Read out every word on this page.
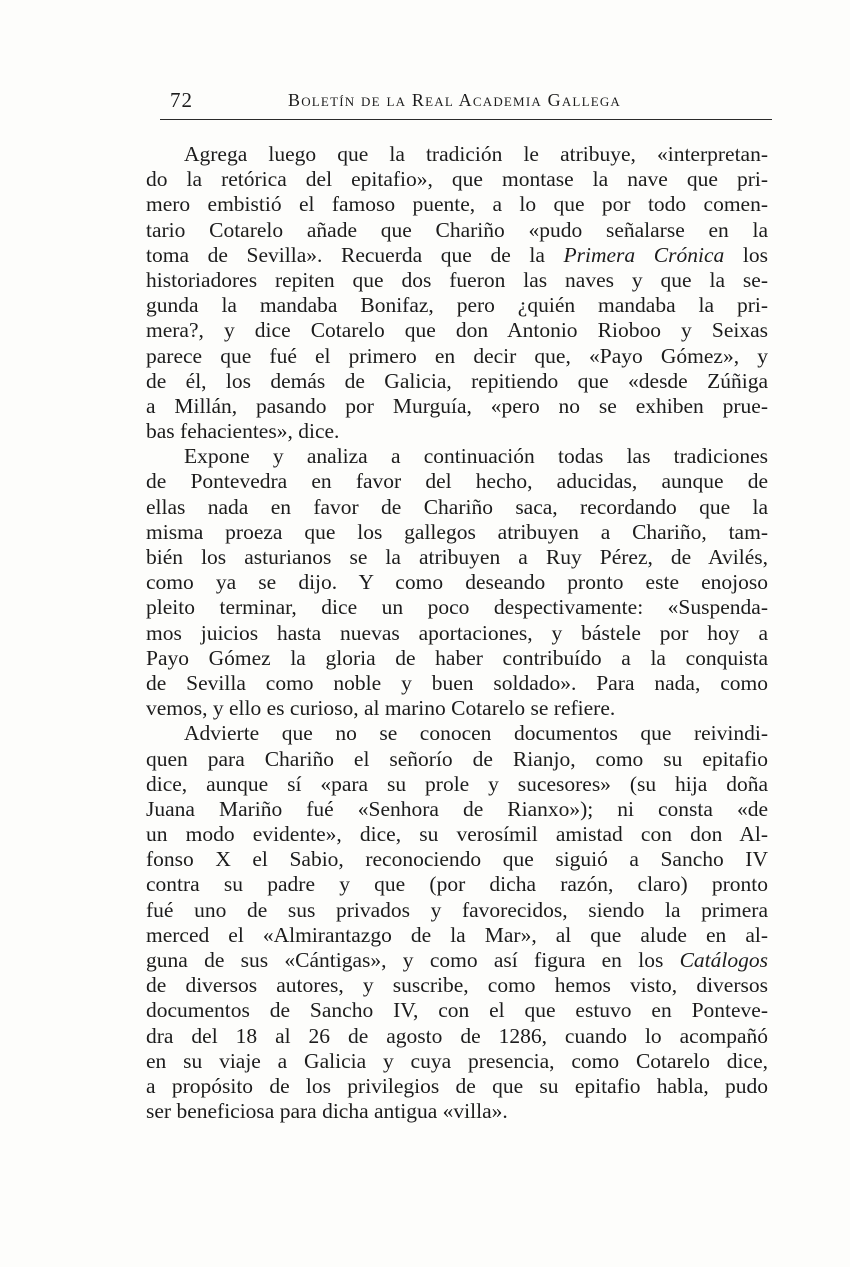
72	Boletín de la Real Academia Gallega
Agrega luego que la tradición le atribuye, «interpretan-
do la retórica del epitafio», que montase la nave que pri-
mero embistió el famoso puente, a lo que por todo comen-
tario Cotarelo añade que Chariño «pudo señalarse en la
toma de Sevilla». Recuerda que de la Primera Crónica los
historiadores repiten que dos fueron las naves y que la se-
gunda la mandaba Bonifaz, pero ¿quién mandaba la pri-
mera?, y dice Cotarelo que don Antonio Rioboo y Seixas
parece que fué el primero en decir que, «Payo Gómez», y
de él, los demás de Galicia, repitiendo que «desde Zúñiga
a Millán, pasando por Murguía, «pero no se exhiben prue-
bas fehacientes», dice.
Expone y analiza a continuación todas las tradiciones
de Pontevedra en favor del hecho, aducidas, aunque de
ellas nada en favor de Chariño saca, recordando que la
misma proeza que los gallegos atribuyen a Chariño, tam-
bién los asturianos se la atribuyen a Ruy Pérez, de Avilés,
como ya se dijo. Y como deseando pronto este enojoso
pleito terminar, dice un poco despectivamente: «Suspenda-
mos juicios hasta nuevas aportaciones, y bástele por hoy a
Payo Gómez la gloria de haber contribuído a la conquista
de Sevilla como noble y buen soldado». Para nada, como
vemos, y ello es curioso, al marino Cotarelo se refiere.
Advierte que no se conocen documentos que reivindi-
quen para Chariño el señorío de Rianjo, como su epitafio
dice, aunque sí «para su prole y sucesores» (su hija doña
Juana Mariño fué «Senhora de Rianxo»); ni consta «de
un modo evidente», dice, su verosímil amistad con don Al-
fonso X el Sabio, reconociendo que siguió a Sancho IV
contra su padre y que (por dicha razón, claro) pronto
fué uno de sus privados y favorecidos, siendo la primera
merced el «Almirantazgo de la Mar», al que alude en al-
guna de sus «Cántigas», y como así figura en los Catálogos
de diversos autores, y suscribe, como hemos visto, diversos
documentos de Sancho IV, con el que estuvo en Ponteve-
dra del 18 al 26 de agosto de 1286, cuando lo acompañó
en su viaje a Galicia y cuya presencia, como Cotarelo dice,
a propósito de los privilegios de que su epitafio habla, pudo
ser beneficiosa para dicha antigua «villa».
